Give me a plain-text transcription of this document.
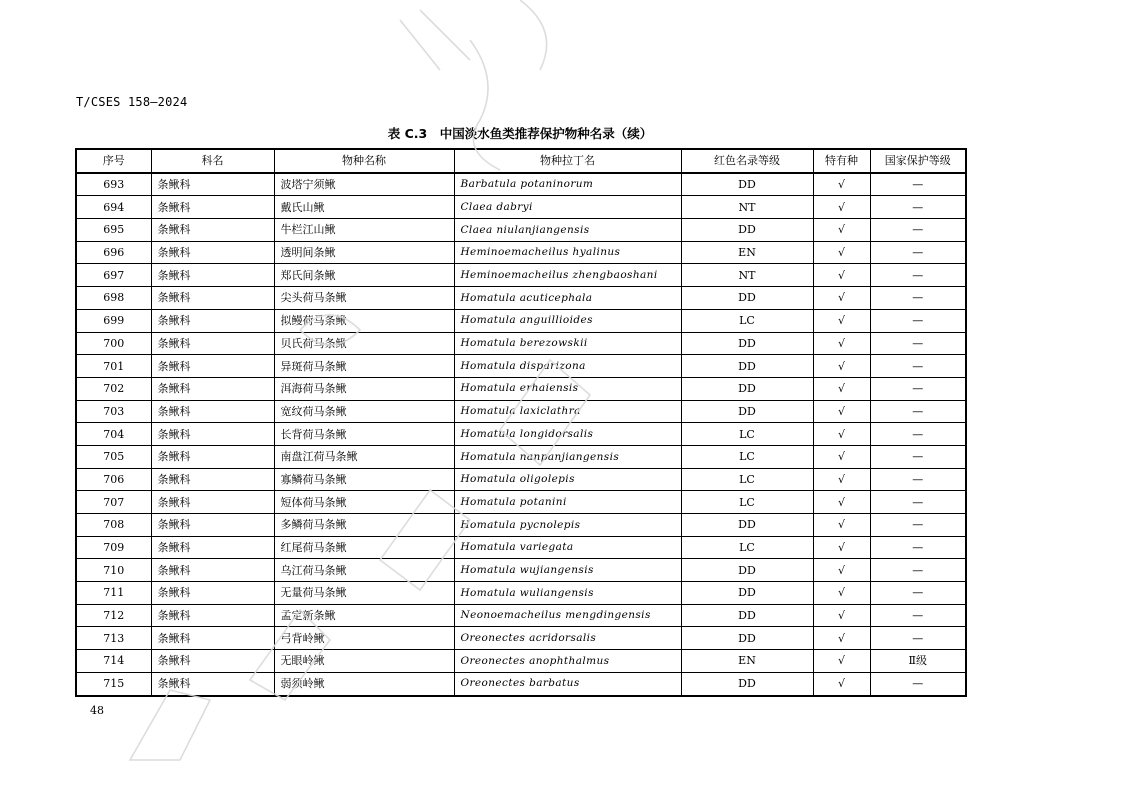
T/CSES 158—2024
表 C.3　中国淡水鱼类推荐保护物种名录（续）
序号	科名	物种名称	物种拉丁名	红色名录等级	特有种	国家保护等级
693	条鳅科	波塔宁须鳅	Barbatula potaninorum	DD	√	—
694	条鳅科	戴氏山鳅	Claea dabryi	NT	√	—
695	条鳅科	牛栏江山鳅	Claea niulanjiangensis	DD	√	—
696	条鳅科	透明间条鳅	Heminoemacheilus hyalinus	EN	√	—
697	条鳅科	郑氏间条鳅	Heminoemacheilus zhengbaoshani	NT	√	—
698	条鳅科	尖头荷马条鳅	Homatula acuticephala	DD	√	—
699	条鳅科	拟鳗荷马条鳅	Homatula anguillioides	LC	√	—
700	条鳅科	贝氏荷马条鳅	Homatula berezowskii	DD	√	—
701	条鳅科	异斑荷马条鳅	Homatula disparizona	DD	√	—
702	条鳅科	洱海荷马条鳅	Homatula erhaiensis	DD	√	—
703	条鳅科	宽纹荷马条鳅	Homatula laxiclathra	DD	√	—
704	条鳅科	长背荷马条鳅	Homatula longidorsalis	LC	√	—
705	条鳅科	南盘江荷马条鳅	Homatula nanpanjiangensis	LC	√	—
706	条鳅科	寡鳞荷马条鳅	Homatula oligolepis	LC	√	—
707	条鳅科	短体荷马条鳅	Homatula potanini	LC	√	—
708	条鳅科	多鳞荷马条鳅	Homatula pycnolepis	DD	√	—
709	条鳅科	红尾荷马条鳅	Homatula variegata	LC	√	—
710	条鳅科	乌江荷马条鳅	Homatula wujiangensis	DD	√	—
711	条鳅科	无量荷马条鳅	Homatula wuliangensis	DD	√	—
712	条鳅科	孟定新条鳅	Neonoemacheilus mengdingensis	DD	√	—
713	条鳅科	弓背岭鳅	Oreonectes acridorsalis	DD	√	—
714	条鳅科	无眼岭鳅	Oreonectes anophthalmus	EN	√	Ⅱ级
715	条鳅科	弱须岭鳅	Oreonectes barbatus	DD	√	—
48
